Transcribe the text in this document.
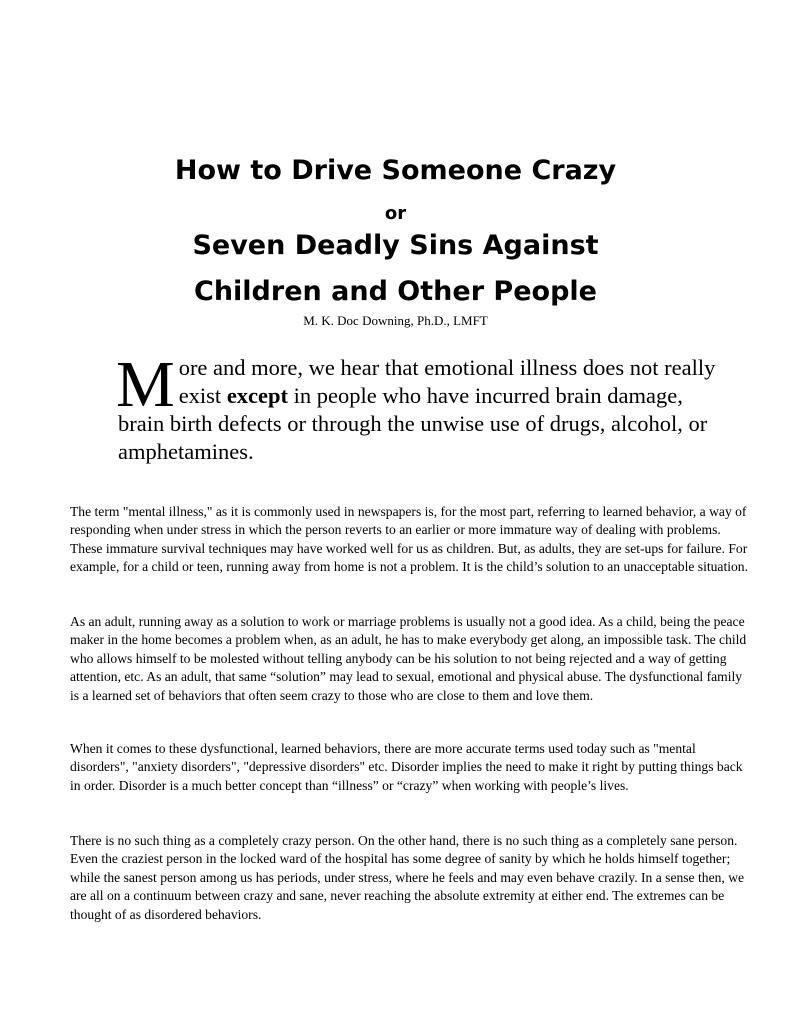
How to Drive Someone Crazy
or
Seven Deadly Sins Against
Children and Other People
M. K. Doc Downing, Ph.D., LMFT

More and more, we hear that emotional illness does not really exist except in people who have incurred brain damage, brain birth defects or through the unwise use of drugs, alcohol, or amphetamines.

The term "mental illness," as it is commonly used in newspapers is, for the most part, referring to learned behavior, a way of responding when under stress in which the person reverts to an earlier or more immature way of dealing with problems. These immature survival techniques may have worked well for us as children. But, as adults, they are set-ups for failure. For example, for a child or teen, running away from home is not a problem. It is the child’s solution to an unacceptable situation.

As an adult, running away as a solution to work or marriage problems is usually not a good idea. As a child, being the peace maker in the home becomes a problem when, as an adult, he has to make everybody get along, an impossible task. The child who allows himself to be molested without telling anybody can be his solution to not being rejected and a way of getting attention, etc. As an adult, that same “solution” may lead to sexual, emotional and physical abuse. The dysfunctional family is a learned set of behaviors that often seem crazy to those who are close to them and love them.

When it comes to these dysfunctional, learned behaviors, there are more accurate terms used today such as "mental disorders", "anxiety disorders", "depressive disorders" etc. Disorder implies the need to make it right by putting things back in order. Disorder is a much better concept than “illness” or “crazy” when working with people’s lives.

There is no such thing as a completely crazy person. On the other hand, there is no such thing as a completely sane person. Even the craziest person in the locked ward of the hospital has some degree of sanity by which he holds himself together; while the sanest person among us has periods, under stress, where he feels and may even behave crazily. In a sense then, we are all on a continuum between crazy and sane, never reaching the absolute extremity at either end. The extremes can be thought of as disordered behaviors.
